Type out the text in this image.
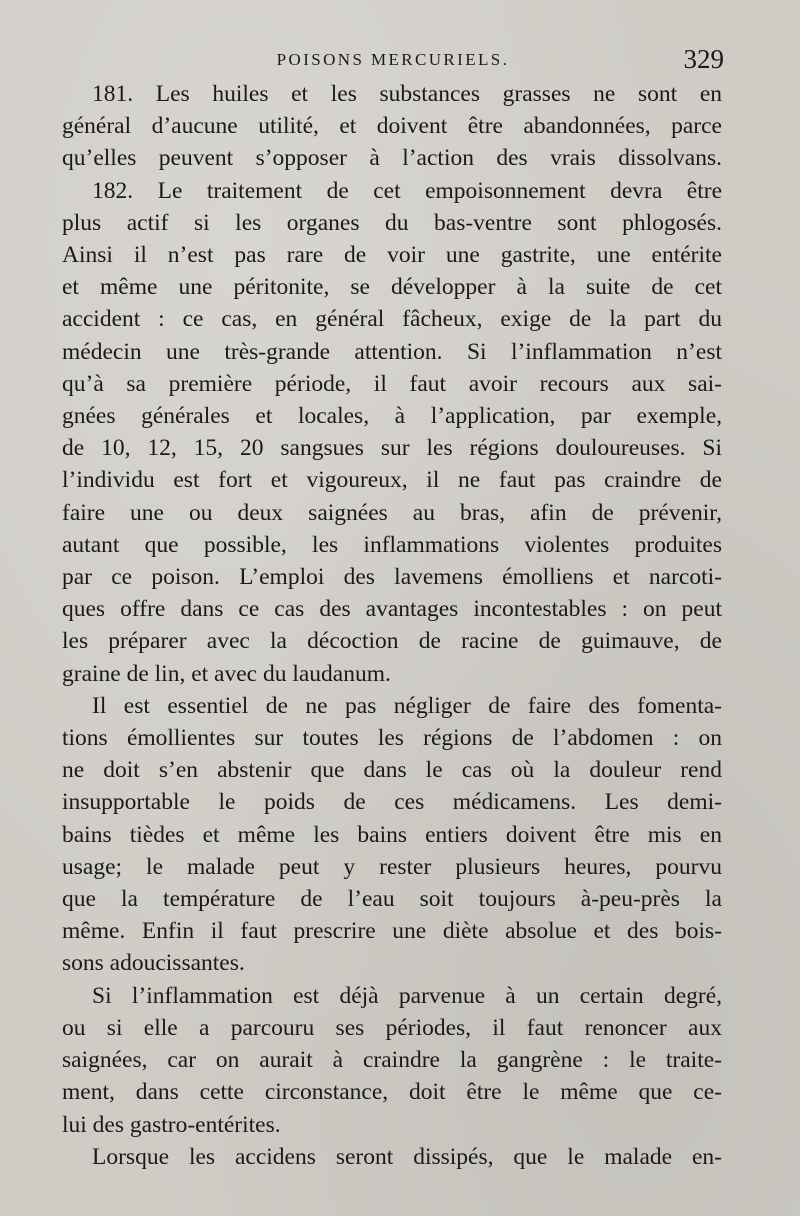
POISONS MERCURIELS.	329
181. Les huiles et les substances grasses ne sont en
général d’aucune utilité, et doivent être abandonnées, parce
qu’elles peuvent s’opposer à l’action des vrais dissolvans.
182. Le traitement de cet empoisonnement devra être
plus actif si les organes du bas-ventre sont phlogosés.
Ainsi il n’est pas rare de voir une gastrite, une entérite
et même une péritonite, se développer à la suite de cet
accident : ce cas, en général fâcheux, exige de la part du
médecin une très-grande attention. Si l’inflammation n’est
qu’à sa première période, il faut avoir recours aux sai-
gnées générales et locales, à l’application, par exemple,
de 10, 12, 15, 20 sangsues sur les régions douloureuses. Si
l’individu est fort et vigoureux, il ne faut pas craindre de
faire une ou deux saignées au bras, afin de prévenir,
autant que possible, les inflammations violentes produites
par ce poison. L’emploi des lavemens émolliens et narcoti-
ques offre dans ce cas des avantages incontestables : on peut
les préparer avec la décoction de racine de guimauve, de
graine de lin, et avec du laudanum.
Il est essentiel de ne pas négliger de faire des fomenta-
tions émollientes sur toutes les régions de l’abdomen : on
ne doit s’en abstenir que dans le cas où la douleur rend
insupportable le poids de ces médicamens. Les demi-
bains tièdes et même les bains entiers doivent être mis en
usage; le malade peut y rester plusieurs heures, pourvu
que la température de l’eau soit toujours à-peu-près la
même. Enfin il faut prescrire une diète absolue et des bois-
sons adoucissantes.
Si l’inflammation est déjà parvenue à un certain degré,
ou si elle a parcouru ses périodes, il faut renoncer aux
saignées, car on aurait à craindre la gangrène : le traite-
ment, dans cette circonstance, doit être le même que ce-
lui des gastro-entérites.
Lorsque les accidens seront dissipés, que le malade en-
